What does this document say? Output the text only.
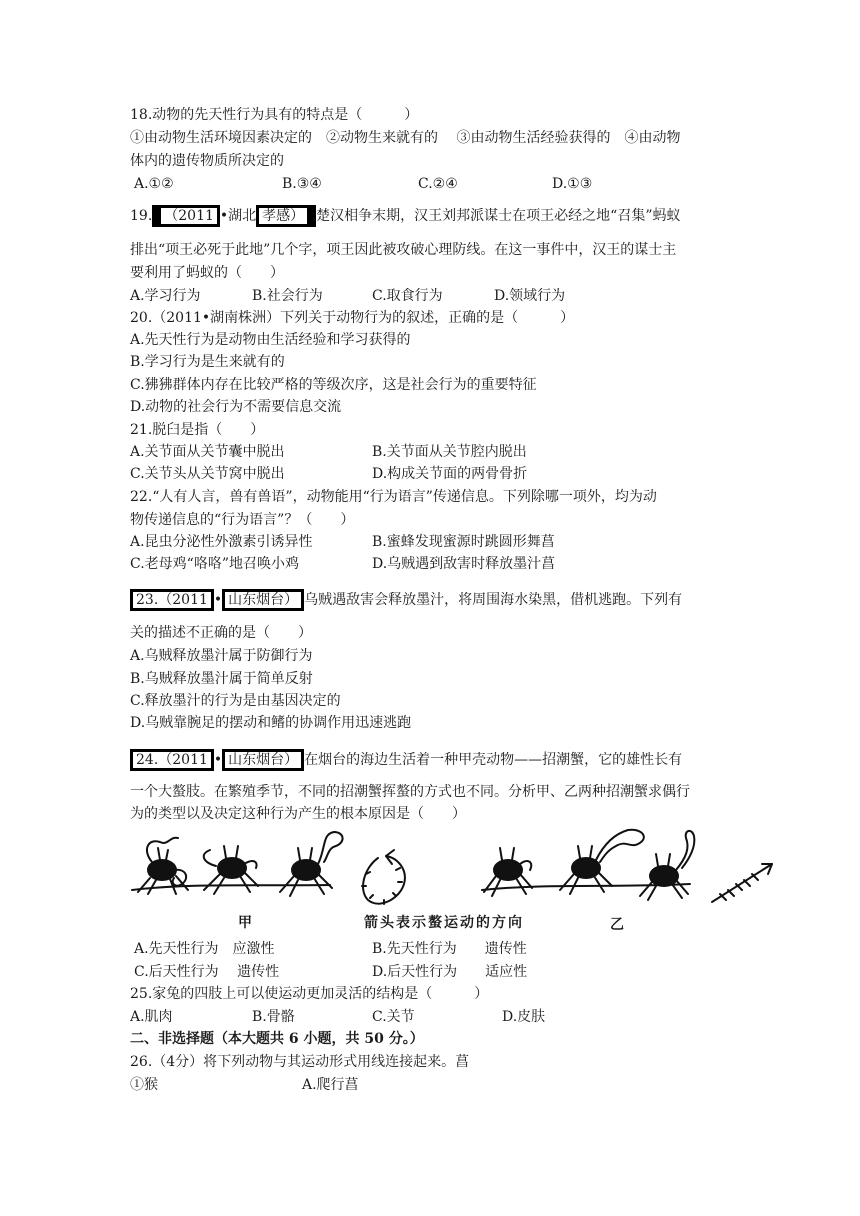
18.动物的先天性行为具有的特点是（　　　）
①由动物生活环境因素决定的　②动物生来就有的　 ③由动物生活经验获得的　④由动物
体内的遗传物质所决定的
A.①②	B.③④	C.②④	D.①③
19. （2011 •湖北 孝感） 楚汉相争末期，汉王刘邦派谋士在项王必经之地“召集”蚂蚁
排出“项王必死于此地”几个字，项王因此被攻破心理防线。在这一事件中，汉王的谋士主
要利用了蚂蚁的（　　）
A.学习行为	B.社会行为	C.取食行为	D.领域行为
20.（2011•湖南株洲）下列关于动物行为的叙述，正确的是（　　　）
A.先天性行为是动物由生活经验和学习获得的
B.学习行为是生来就有的
C.狒狒群体内存在比较严格的等级次序，这是社会行为的重要特征
D.动物的社会行为不需要信息交流
21.脱臼是指（　　）
A.关节面从关节囊中脱出	B.关节面从关节腔内脱出
C.关节头从关节窝中脱出	D.构成关节面的两骨骨折
22.“人有人言，兽有兽语”，动物能用“行为语言”传递信息。下列除哪一项外，均为动
物传递信息的“行为语言”？（　　）
A.昆虫分泌性外激素引诱异性	B.蜜蜂发现蜜源时跳圆形舞菖
C.老母鸡“咯咯”地召唤小鸡	D.乌贼遇到敌害时释放墨汁菖
23.（2011 • 山东烟台） 乌贼遇敌害会释放墨汁，将周围海水染黑，借机逃跑。下列有
关的描述不正确的是（　　）
A.乌贼释放墨汁属于防御行为
B.乌贼释放墨汁属于简单反射
C.释放墨汁的行为是由基因决定的
D.乌贼靠腕足的摆动和鳍的协调作用迅速逃跑
24.（2011 • 山东烟台） 在烟台的海边生活着一种甲壳动物——招潮蟹，它的雄性长有
一个大螯肢。在繁殖季节，不同的招潮蟹挥螯的方式也不同。分析甲、乙两种招潮蟹求偶行
为的类型以及决定这种行为产生的根本原因是（　　）
甲	箭头表示螯运动的方向	乙
A.先天性行为　应激性	B.先天性行为　　遗传性
C.后天性行为　 遗传性	D.后天性行为　　适应性
25.家兔的四肢上可以使运动更加灵活的结构是（　　　）
A.肌肉	B.骨骼	C.关节	D.皮肤
二、非选择题（本大题共 6 小题，共 50 分。）
26.（4分）将下列动物与其运动形式用线连接起来。菖
①猴	A.爬行菖
